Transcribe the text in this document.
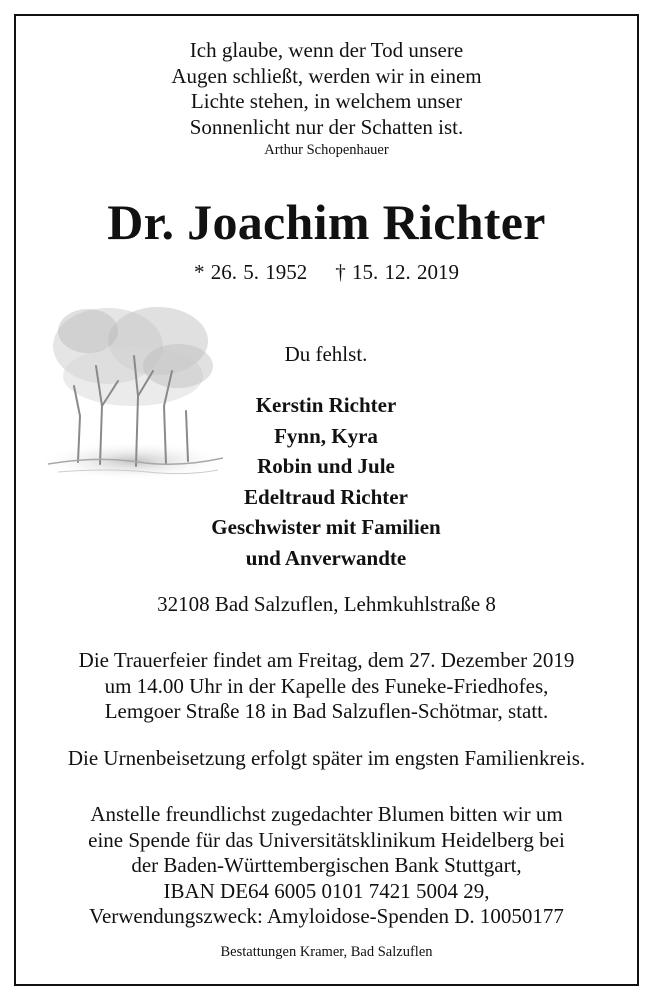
Ich glaube, wenn der Tod unsere
Augen schließt, werden wir in einem
Lichte stehen, in welchem unser
Sonnenlicht nur der Schatten ist.
Arthur Schopenhauer
Dr. Joachim Richter
* 26. 5. 1952 † 15. 12. 2019
Du fehlst.
Kerstin Richter
Fynn, Kyra
Robin und Jule
Edeltraud Richter
Geschwister mit Familien
und Anverwandte
32108 Bad Salzuflen, Lehmkuhlstraße 8
Die Trauerfeier findet am Freitag, dem 27. Dezember 2019
um 14.00 Uhr in der Kapelle des Funeke-Friedhofes,
Lemgoer Straße 18 in Bad Salzuflen-Schötmar, statt.
Die Urnenbeisetzung erfolgt später im engsten Familienkreis.
Anstelle freundlichst zugedachter Blumen bitten wir um
eine Spende für das Universitätsklinikum Heidelberg bei
der Baden-Württembergischen Bank Stuttgart,
IBAN DE64 6005 0101 7421 5004 29,
Verwendungszweck: Amyloidose-Spenden D. 10050177
Bestattungen Kramer, Bad Salzuflen
